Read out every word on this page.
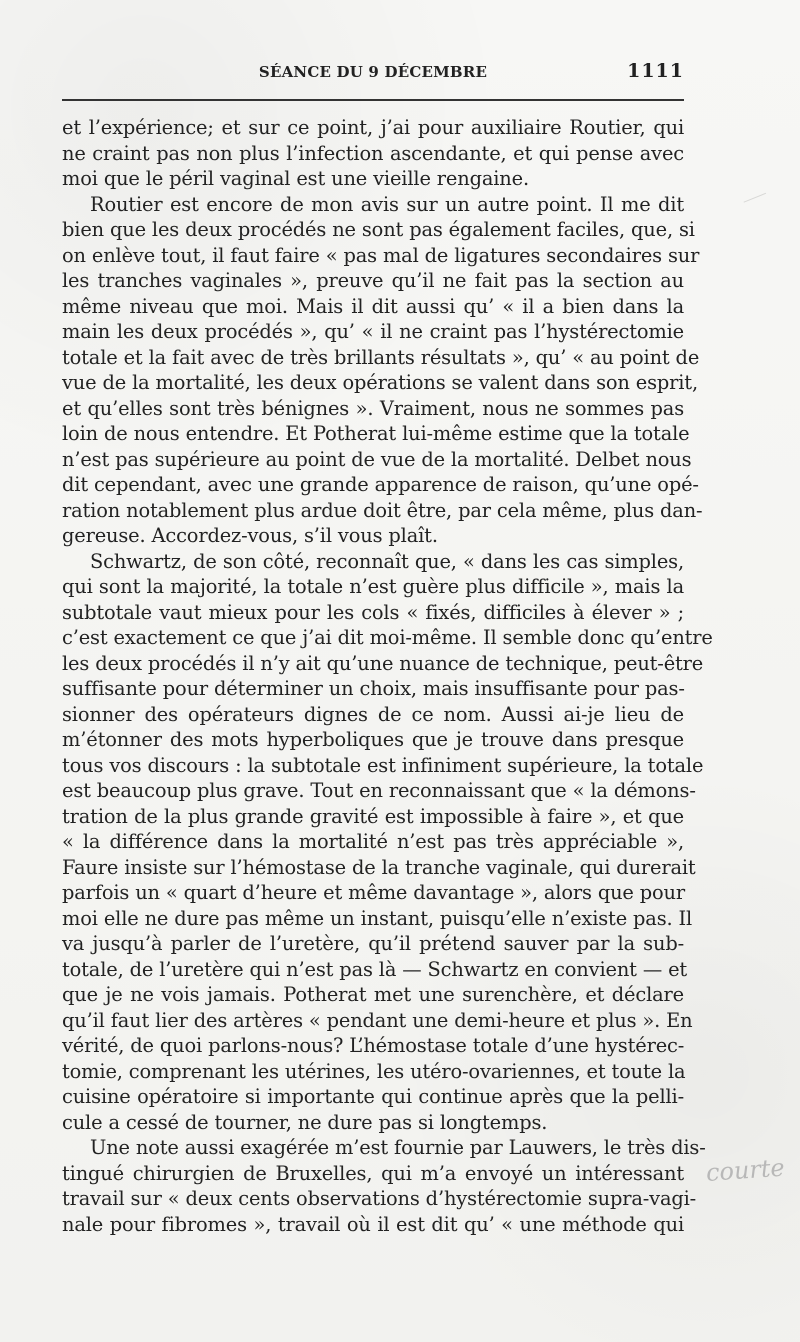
SÉANCE DU 9 DÉCEMBRE	1111
et l’expérience; et sur ce point, j’ai pour auxiliaire Routier, qui
ne craint pas non plus l’infection ascendante, et qui pense avec
moi que le péril vaginal est une vieille rengaine.
Routier est encore de mon avis sur un autre point. Il me dit
bien que les deux procédés ne sont pas également faciles, que, si
on enlève tout, il faut faire « pas mal de ligatures secondaires sur
les tranches vaginales », preuve qu’il ne fait pas la section au
même niveau que moi. Mais il dit aussi qu’ « il a bien dans la
main les deux procédés », qu’ « il ne craint pas l’hystérectomie
totale et la fait avec de très brillants résultats », qu’ « au point de
vue de la mortalité, les deux opérations se valent dans son esprit,
et qu’elles sont très bénignes ». Vraiment, nous ne sommes pas
loin de nous entendre. Et Potherat lui-même estime que la totale
n’est pas supérieure au point de vue de la mortalité. Delbet nous
dit cependant, avec une grande apparence de raison, qu’une opé-
ration notablement plus ardue doit être, par cela même, plus dan-
gereuse. Accordez-vous, s’il vous plaît.
Schwartz, de son côté, reconnaît que, « dans les cas simples,
qui sont la majorité, la totale n’est guère plus difficile », mais la
subtotale vaut mieux pour les cols « fixés, difficiles à élever » ;
c’est exactement ce que j’ai dit moi-même. Il semble donc qu’entre
les deux procédés il n’y ait qu’une nuance de technique, peut-être
suffisante pour déterminer un choix, mais insuffisante pour pas-
sionner des opérateurs dignes de ce nom. Aussi ai-je lieu de
m’étonner des mots hyperboliques que je trouve dans presque
tous vos discours : la subtotale est infiniment supérieure, la totale
est beaucoup plus grave. Tout en reconnaissant que « la démons-
tration de la plus grande gravité est impossible à faire », et que
« la différence dans la mortalité n’est pas très appréciable »,
Faure insiste sur l’hémostase de la tranche vaginale, qui durerait
parfois un « quart d’heure et même davantage », alors que pour
moi elle ne dure pas même un instant, puisqu’elle n’existe pas. Il
va jusqu’à parler de l’uretère, qu’il prétend sauver par la sub-
totale, de l’uretère qui n’est pas là — Schwartz en convient — et
que je ne vois jamais. Potherat met une surenchère, et déclare
qu’il faut lier des artères « pendant une demi-heure et plus ». En
vérité, de quoi parlons-nous? L’hémostase totale d’une hystérec-
tomie, comprenant les utérines, les utéro-ovariennes, et toute la
cuisine opératoire si importante qui continue après que la pelli-
cule a cessé de tourner, ne dure pas si longtemps.
Une note aussi exagérée m’est fournie par Lauwers, le très dis-
tingué chirurgien de Bruxelles, qui m’a envoyé un intéressant
travail sur « deux cents observations d’hystérectomie supra-vagi-
nale pour fibromes », travail où il est dit qu’ « une méthode qui
courte
